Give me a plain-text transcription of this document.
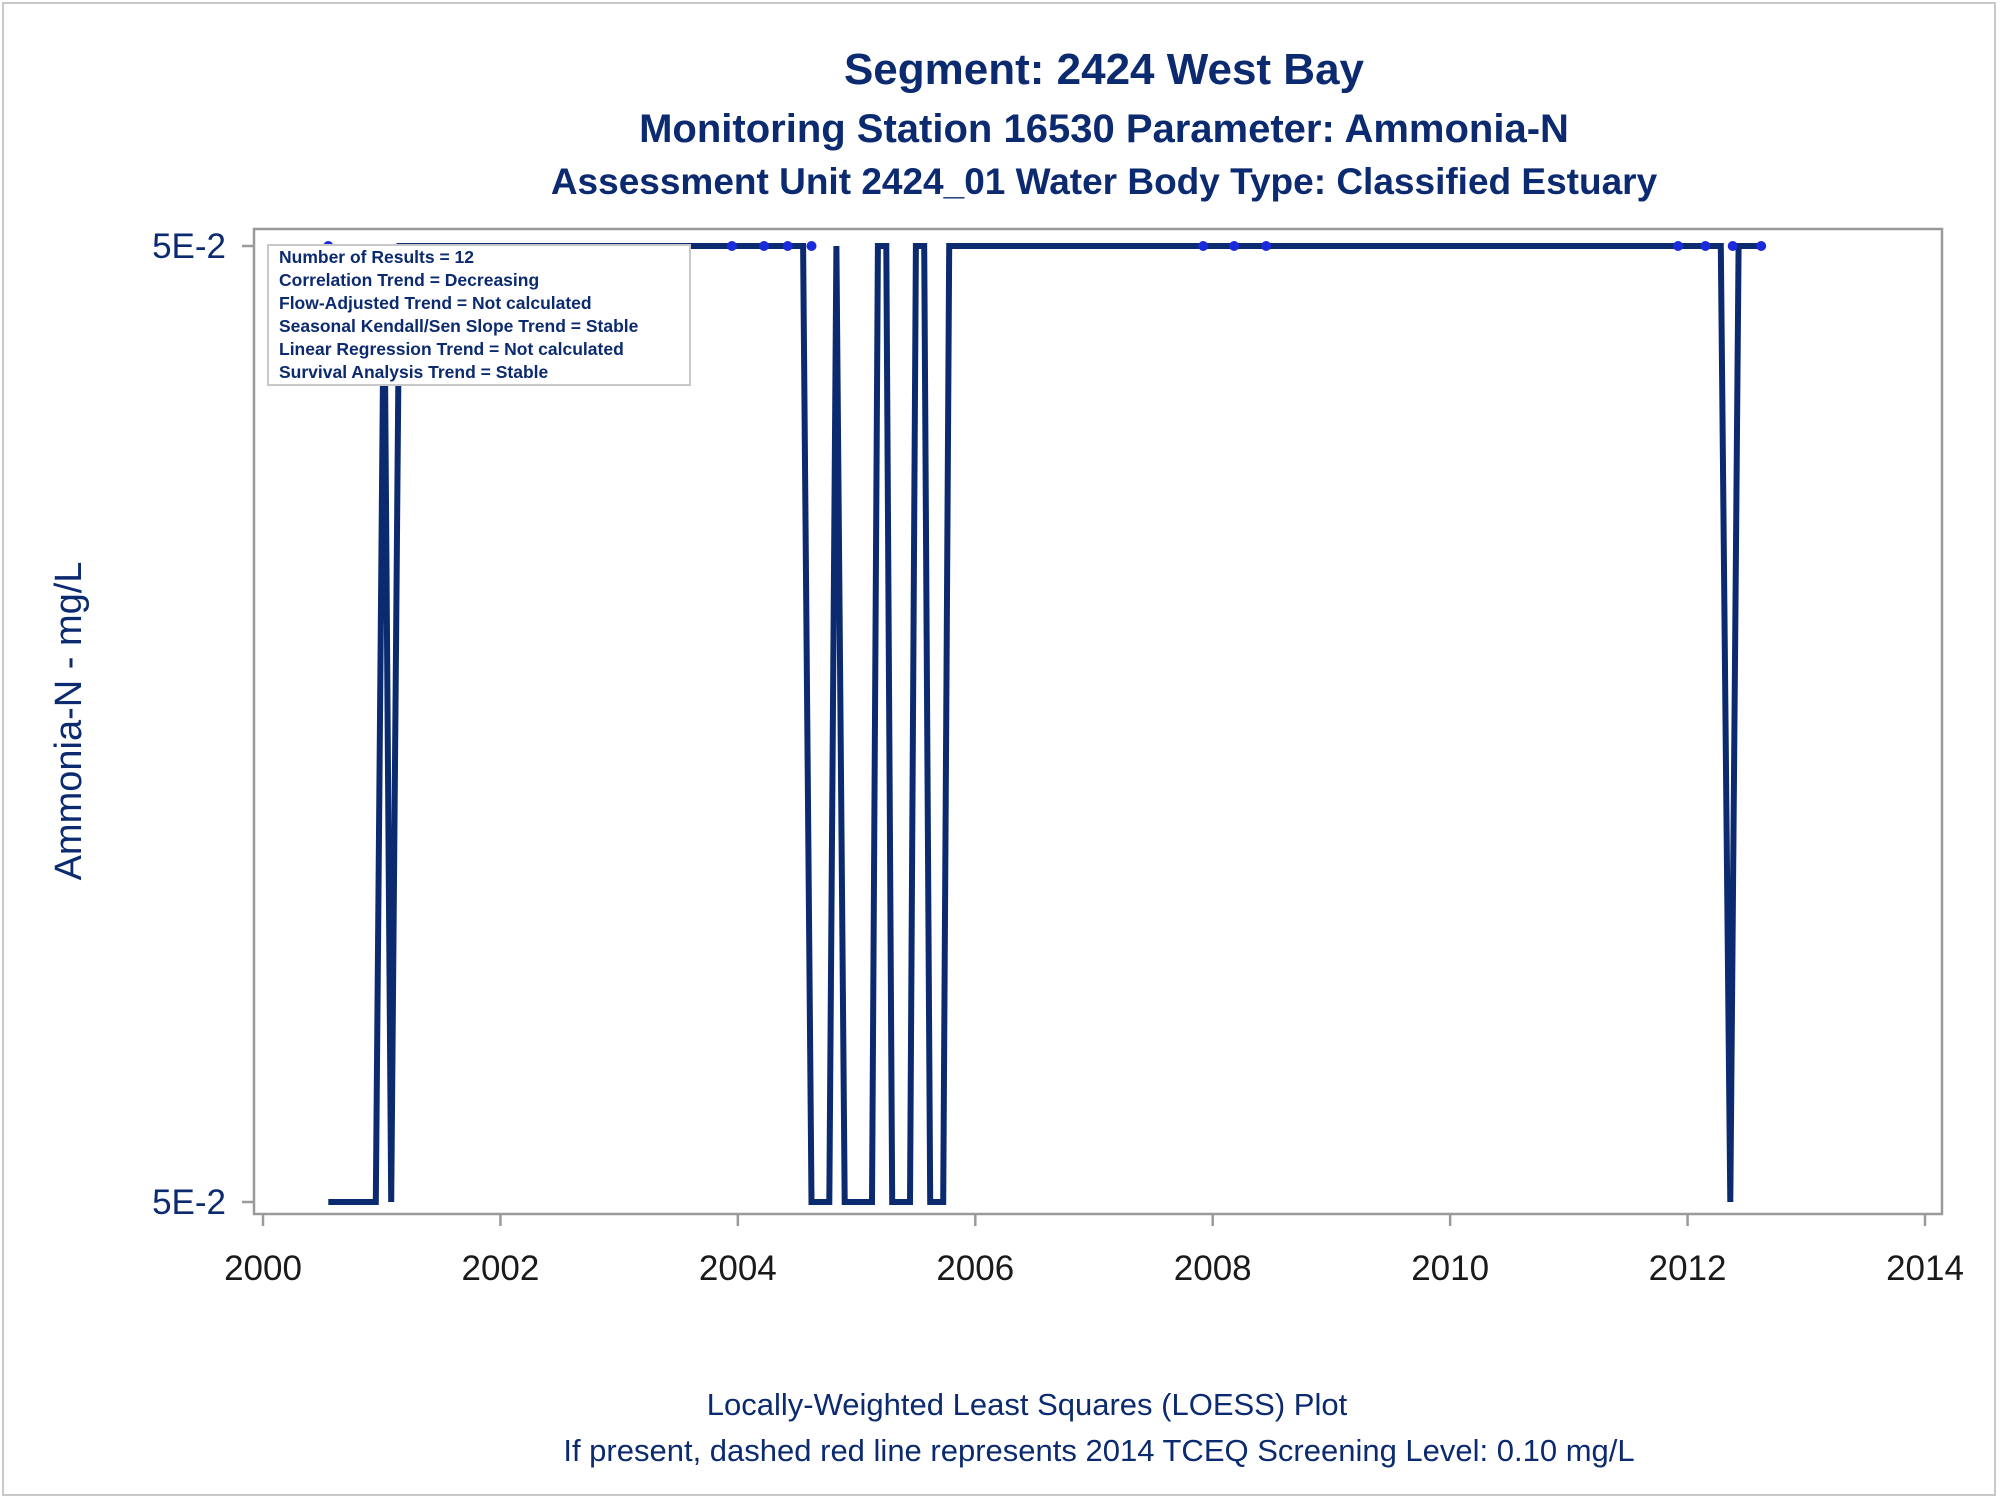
Segment: 2424 West Bay
Monitoring Station 16530 Parameter: Ammonia-N
Assessment Unit 2424_01 Water Body Type: Classified Estuary
Ammonia-N - mg/L
5E-2
5E-2
2000	2002	2004	2006	2008	2010	2012	2014
Number of Results = 12
Correlation Trend = Decreasing
Flow-Adjusted Trend = Not calculated
Seasonal Kendall/Sen Slope Trend = Stable
Linear Regression Trend = Not calculated
Survival Analysis Trend = Stable
Locally-Weighted Least Squares (LOESS) Plot
If present, dashed red line represents 2014 TCEQ Screening Level: 0.10 mg/L
